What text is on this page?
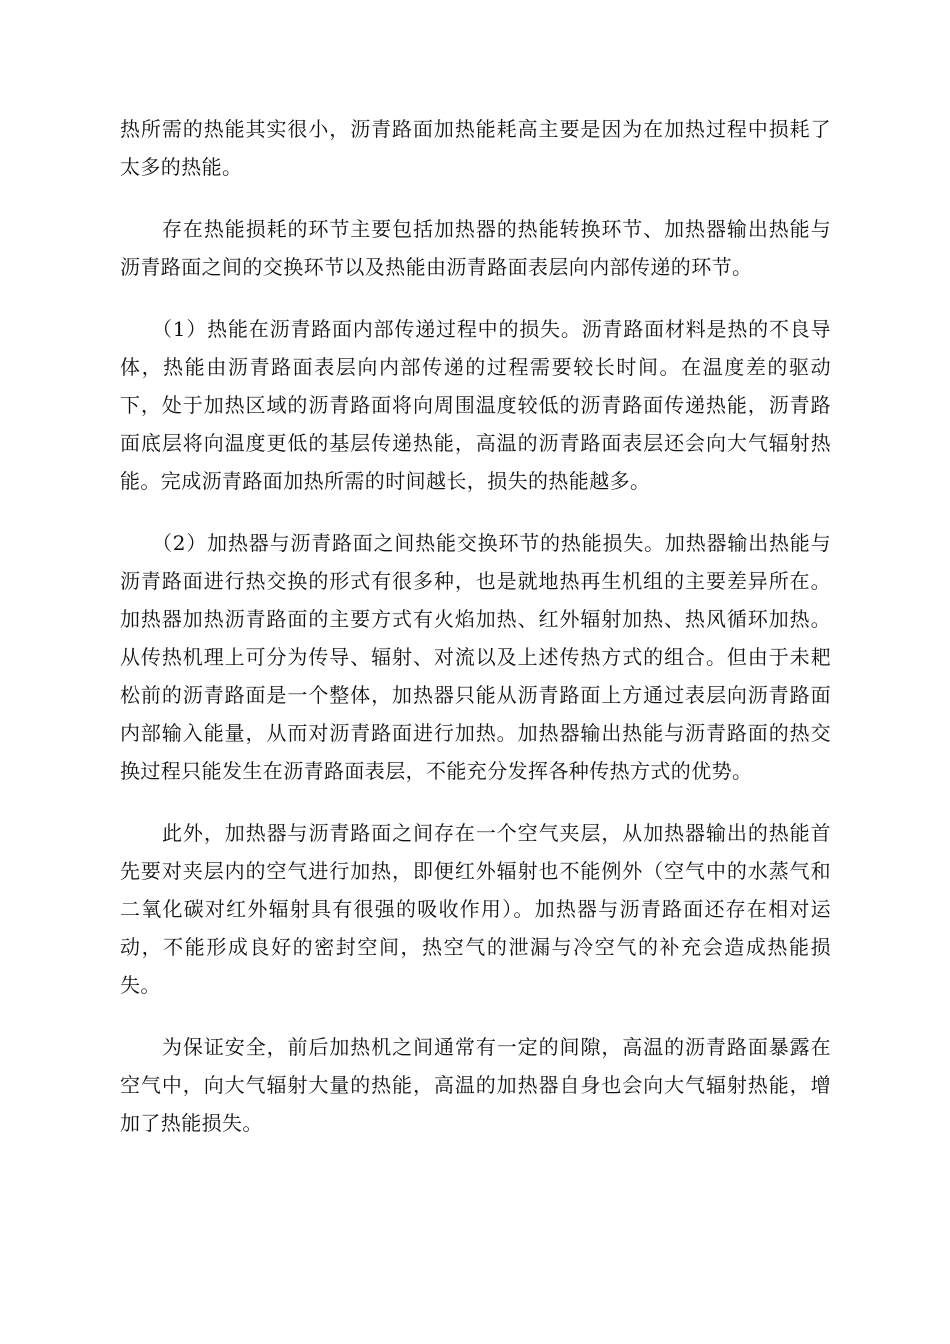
热所需的热能其实很小，沥青路面加热能耗高主要是因为在加热过程中损耗了太多的热能。

存在热能损耗的环节主要包括加热器的热能转换环节、加热器输出热能与沥青路面之间的交换环节以及热能由沥青路面表层向内部传递的环节。

（1）热能在沥青路面内部传递过程中的损失。沥青路面材料是热的不良导体，热能由沥青路面表层向内部传递的过程需要较长时间。在温度差的驱动下，处于加热区域的沥青路面将向周围温度较低的沥青路面传递热能，沥青路面底层将向温度更低的基层传递热能，高温的沥青路面表层还会向大气辐射热能。完成沥青路面加热所需的时间越长，损失的热能越多。

（2）加热器与沥青路面之间热能交换环节的热能损失。加热器输出热能与沥青路面进行热交换的形式有很多种，也是就地热再生机组的主要差异所在。加热器加热沥青路面的主要方式有火焰加热、红外辐射加热、热风循环加热。从传热机理上可分为传导、辐射、对流以及上述传热方式的组合。但由于未耙松前的沥青路面是一个整体，加热器只能从沥青路面上方通过表层向沥青路面内部输入能量，从而对沥青路面进行加热。加热器输出热能与沥青路面的热交换过程只能发生在沥青路面表层，不能充分发挥各种传热方式的优势。

此外，加热器与沥青路面之间存在一个空气夹层，从加热器输出的热能首先要对夹层内的空气进行加热，即便红外辐射也不能例外（空气中的水蒸气和二氧化碳对红外辐射具有很强的吸收作用）。加热器与沥青路面还存在相对运动，不能形成良好的密封空间，热空气的泄漏与冷空气的补充会造成热能损失。

为保证安全，前后加热机之间通常有一定的间隙，高温的沥青路面暴露在空气中，向大气辐射大量的热能，高温的加热器自身也会向大气辐射热能，增加了热能损失。
